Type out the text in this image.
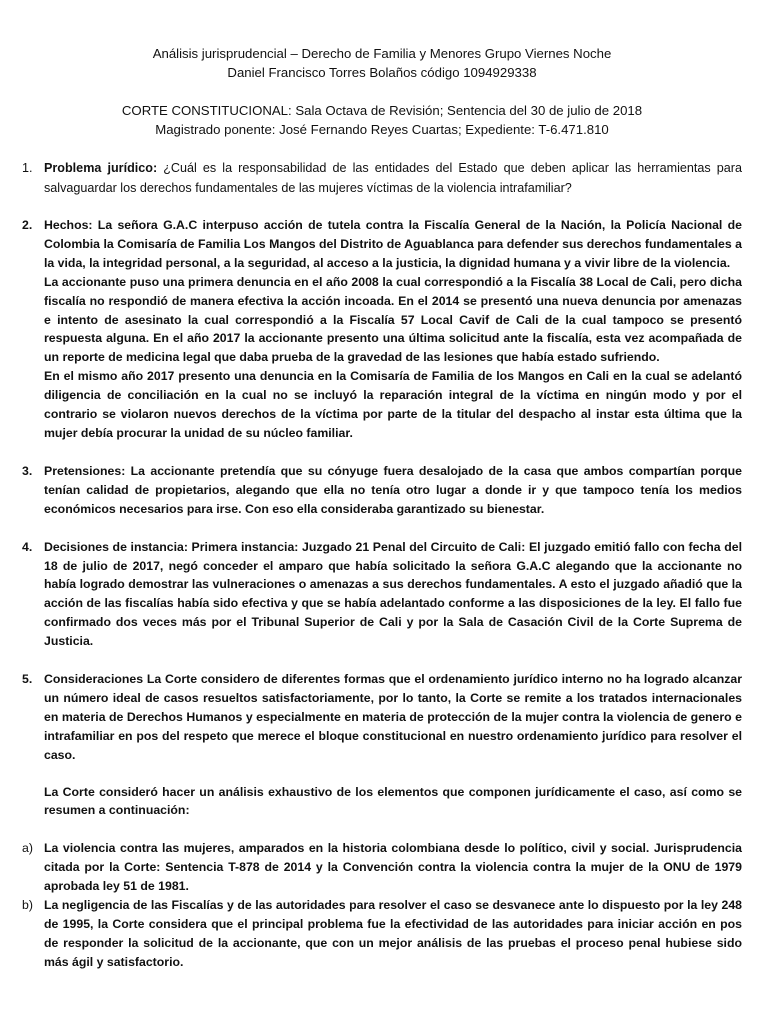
Análisis jurisprudencial – Derecho de Familia y Menores Grupo Viernes Noche
Daniel Francisco Torres Bolaños código 1094929338
CORTE CONSTITUCIONAL: Sala Octava de Revisión; Sentencia del 30 de julio de 2018
Magistrado ponente: José Fernando Reyes Cuartas; Expediente: T-6.471.810
1. Problema jurídico: ¿Cuál es la responsabilidad de las entidades del Estado que deben aplicar las herramientas para salvaguardar los derechos fundamentales de las mujeres víctimas de la violencia intrafamiliar?
2. Hechos: La señora G.A.C interpuso acción de tutela contra la Fiscalía General de la Nación, la Policía Nacional de Colombia la Comisaría de Familia Los Mangos del Distrito de Aguablanca para defender sus derechos fundamentales a la vida, la integridad personal, a la seguridad, al acceso a la justicia, la dignidad humana y a vivir libre de la violencia.
La accionante puso una primera denuncia en el año 2008 la cual correspondió a la Fiscalía 38 Local de Cali, pero dicha fiscalía no respondió de manera efectiva la acción incoada. En el 2014 se presentó una nueva denuncia por amenazas e intento de asesinato la cual correspondió a la Fiscalía 57 Local Cavif de Cali de la cual tampoco se presentó respuesta alguna. En el año 2017 la accionante presento una última solicitud ante la fiscalía, esta vez acompañada de un reporte de medicina legal que daba prueba de la gravedad de las lesiones que había estado sufriendo.
En el mismo año 2017 presento una denuncia en la Comisaría de Familia de los Mangos en Cali en la cual se adelantó diligencia de conciliación en la cual no se incluyó la reparación integral de la víctima en ningún modo y por el contrario se violaron nuevos derechos de la víctima por parte de la titular del despacho al instar esta última que la mujer debía procurar la unidad de su núcleo familiar.
3. Pretensiones: La accionante pretendía que su cónyuge fuera desalojado de la casa que ambos compartían porque tenían calidad de propietarios, alegando que ella no tenía otro lugar a donde ir y que tampoco tenía los medios económicos necesarios para irse. Con eso ella consideraba garantizado su bienestar.
4. Decisiones de instancia: Primera instancia: Juzgado 21 Penal del Circuito de Cali: El juzgado emitió fallo con fecha del 18 de julio de 2017, negó conceder el amparo que había solicitado la señora G.A.C alegando que la accionante no había logrado demostrar las vulneraciones o amenazas a sus derechos fundamentales. A esto el juzgado añadió que la acción de las fiscalías había sido efectiva y que se había adelantado conforme a las disposiciones de la ley. El fallo fue confirmado dos veces más por el Tribunal Superior de Cali y por la Sala de Casación Civil de la Corte Suprema de Justicia.
5. Consideraciones La Corte considero de diferentes formas que el ordenamiento jurídico interno no ha logrado alcanzar un número ideal de casos resueltos satisfactoriamente, por lo tanto, la Corte se remite a los tratados internacionales en materia de Derechos Humanos y especialmente en materia de protección de la mujer contra la violencia de genero e intrafamiliar en pos del respeto que merece el bloque constitucional en nuestro ordenamiento jurídico para resolver el caso.
La Corte consideró hacer un análisis exhaustivo de los elementos que componen jurídicamente el caso, así como se resumen a continuación:
a) La violencia contra las mujeres, amparados en la historia colombiana desde lo político, civil y social. Jurisprudencia citada por la Corte: Sentencia T-878 de 2014 y la Convención contra la violencia contra la mujer de la ONU de 1979 aprobada ley 51 de 1981.
b) La negligencia de las Fiscalías y de las autoridades para resolver el caso se desvanece ante lo dispuesto por la ley 248 de 1995, la Corte considera que el principal problema fue la efectividad de las autoridades para iniciar acción en pos de responder la solicitud de la accionante, que con un mejor análisis de las pruebas el proceso penal hubiese sido más ágil y satisfactorio.
